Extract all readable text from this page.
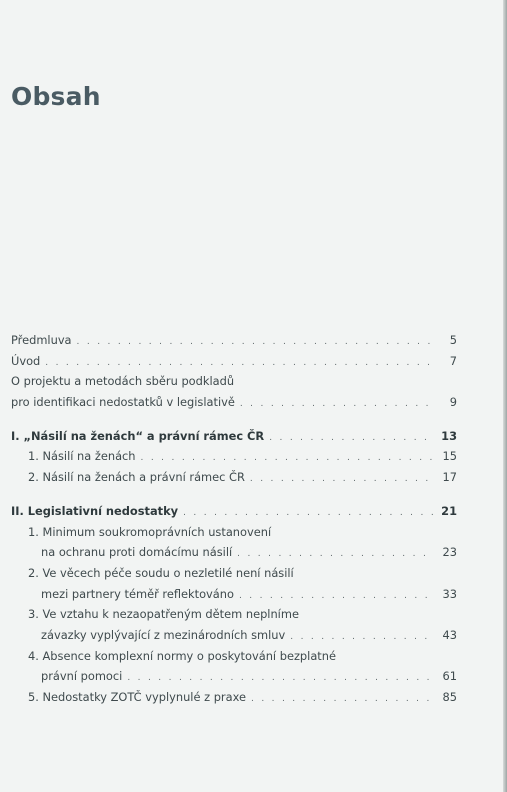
Obsah
Předmluva . . .	5
Úvod . . .	7
O projektu a metodách sběru podkladů
pro identifikaci nedostatků v legislativě . . .	9
I. „Násilí na ženách“ a právní rámec ČR . . .	13
1. Násilí na ženách . . .	15
2. Násilí na ženách a právní rámec ČR . . .	17
II. Legislativní nedostatky . . .	21
1. Minimum soukromoprávních ustanovení
na ochranu proti domácímu násilí . . .	23
2. Ve věcech péče soudu o nezletilé není násilí
mezi partnery téměř reflektováno . . .	33
3. Ve vztahu k nezaopatřeným dětem neplníme
závazky vyplývající z mezinárodních smluv . . .	43
4. Absence komplexní normy o poskytování bezplatné
právní pomoci . . .	61
5. Nedostatky ZOTČ vyplynulé z praxe . . .	85
